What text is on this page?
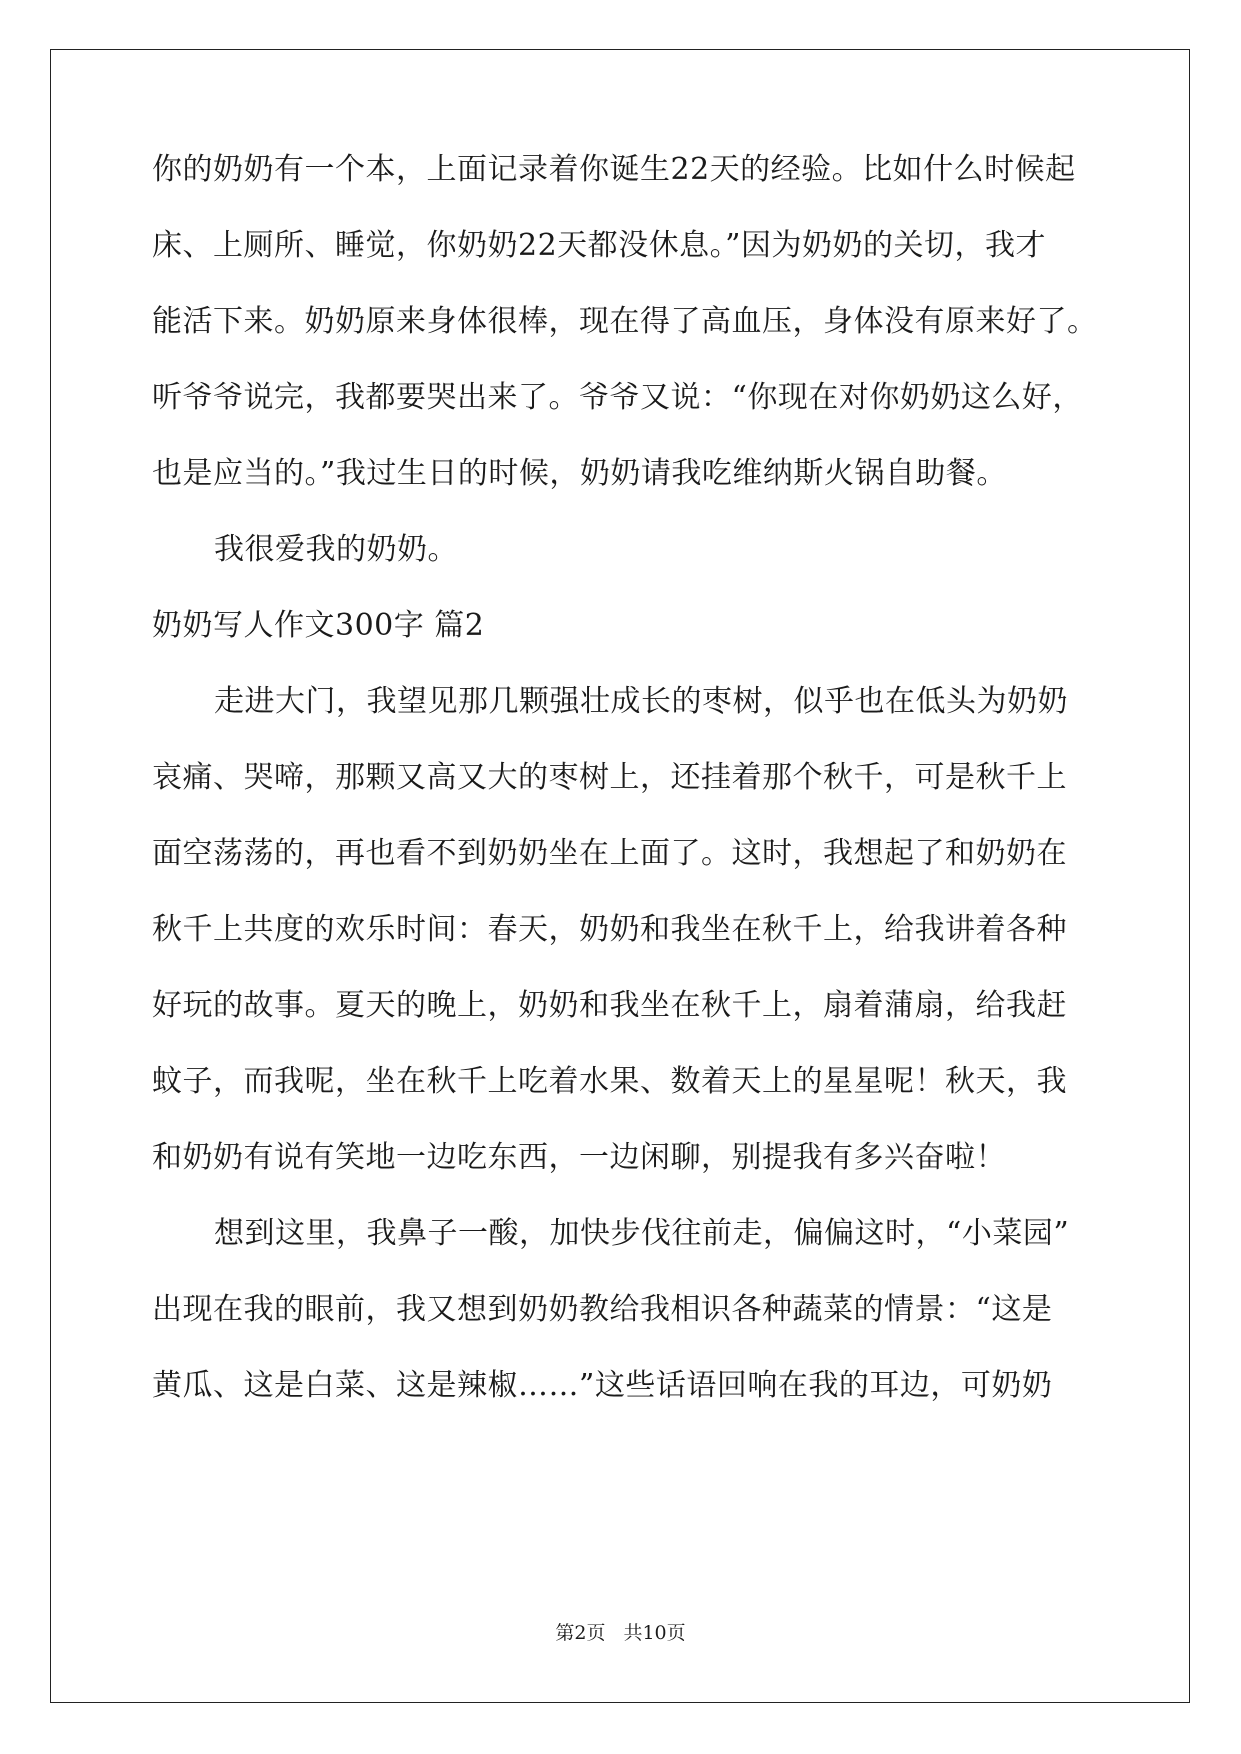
你的奶奶有一个本，上面记录着你诞生22天的经验。比如什么时候起
床、上厕所、睡觉，你奶奶22天都没休息。”因为奶奶的关切，我才
能活下来。奶奶原来身体很棒，现在得了高血压，身体没有原来好了。
听爷爷说完，我都要哭出来了。爷爷又说：“你现在对你奶奶这么好，
也是应当的。”我过生日的时候，奶奶请我吃维纳斯火锅自助餐。
我很爱我的奶奶。
奶奶写人作文300字 篇2
走进大门，我望见那几颗强壮成长的枣树，似乎也在低头为奶奶
哀痛、哭啼，那颗又高又大的枣树上，还挂着那个秋千，可是秋千上
面空荡荡的，再也看不到奶奶坐在上面了。这时，我想起了和奶奶在
秋千上共度的欢乐时间：春天，奶奶和我坐在秋千上，给我讲着各种
好玩的故事。夏天的晚上，奶奶和我坐在秋千上，扇着蒲扇，给我赶
蚊子，而我呢，坐在秋千上吃着水果、数着天上的星星呢！秋天，我
和奶奶有说有笑地一边吃东西，一边闲聊，别提我有多兴奋啦！
想到这里，我鼻子一酸，加快步伐往前走，偏偏这时，“小菜园”
出现在我的眼前，我又想到奶奶教给我相识各种蔬菜的情景：“这是
黄瓜、这是白菜、这是辣椒……”这些话语回响在我的耳边，可奶奶
第2页 共10页
